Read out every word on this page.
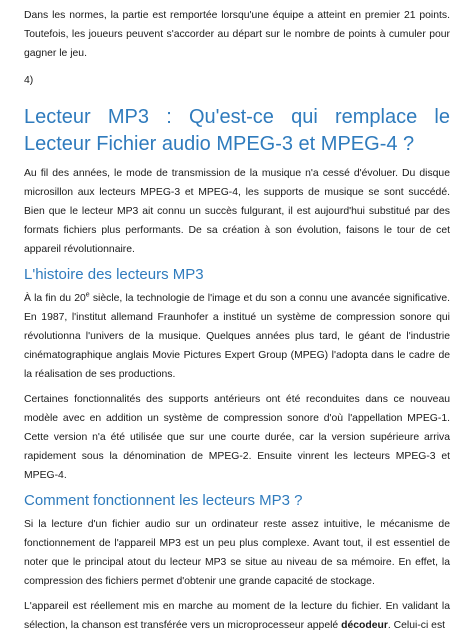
Dans les normes, la partie est remportée lorsqu'une équipe a atteint en premier 21 points. Toutefois, les joueurs peuvent s'accorder au départ sur le nombre de points à cumuler pour gagner le jeu.

4)

Lecteur MP3 : Qu'est-ce qui remplace le Lecteur Fichier audio MPEG-3 et MPEG-4 ?

Au fil des années, le mode de transmission de la musique n'a cessé d'évoluer. Du disque microsillon aux lecteurs MPEG-3 et MPEG-4, les supports de musique se sont succédé. Bien que le lecteur MP3 ait connu un succès fulgurant, il est aujourd'hui substitué par des formats fichiers plus performants. De sa création à son évolution, faisons le tour de cet appareil révolutionnaire.

L'histoire des lecteurs MP3

À la fin du 20e siècle, la technologie de l'image et du son a connu une avancée significative. En 1987, l'institut allemand Fraunhofer a institué un système de compression sonore qui révolutionna l'univers de la musique. Quelques années plus tard, le géant de l'industrie cinématographique anglais Movie Pictures Expert Group (MPEG) l'adopta dans le cadre de la réalisation de ses productions.

Certaines fonctionnalités des supports antérieurs ont été reconduites dans ce nouveau modèle avec en addition un système de compression sonore d'où l'appellation MPEG-1. Cette version n'a été utilisée que sur une courte durée, car la version supérieure arriva rapidement sous la dénomination de MPEG-2. Ensuite vinrent les lecteurs MPEG-3 et MPEG-4.

Comment fonctionnent les lecteurs MP3 ?

Si la lecture d'un fichier audio sur un ordinateur reste assez intuitive, le mécanisme de fonctionnement de l'appareil MP3 est un peu plus complexe. Avant tout, il est essentiel de noter que le principal atout du lecteur MP3 se situe au niveau de sa mémoire. En effet, la compression des fichiers permet d'obtenir une grande capacité de stockage.

L'appareil est réellement mis en marche au moment de la lecture du fichier. En validant la sélection, la chanson est transférée vers un microprocesseur appelé décodeur. Celui-ci est
